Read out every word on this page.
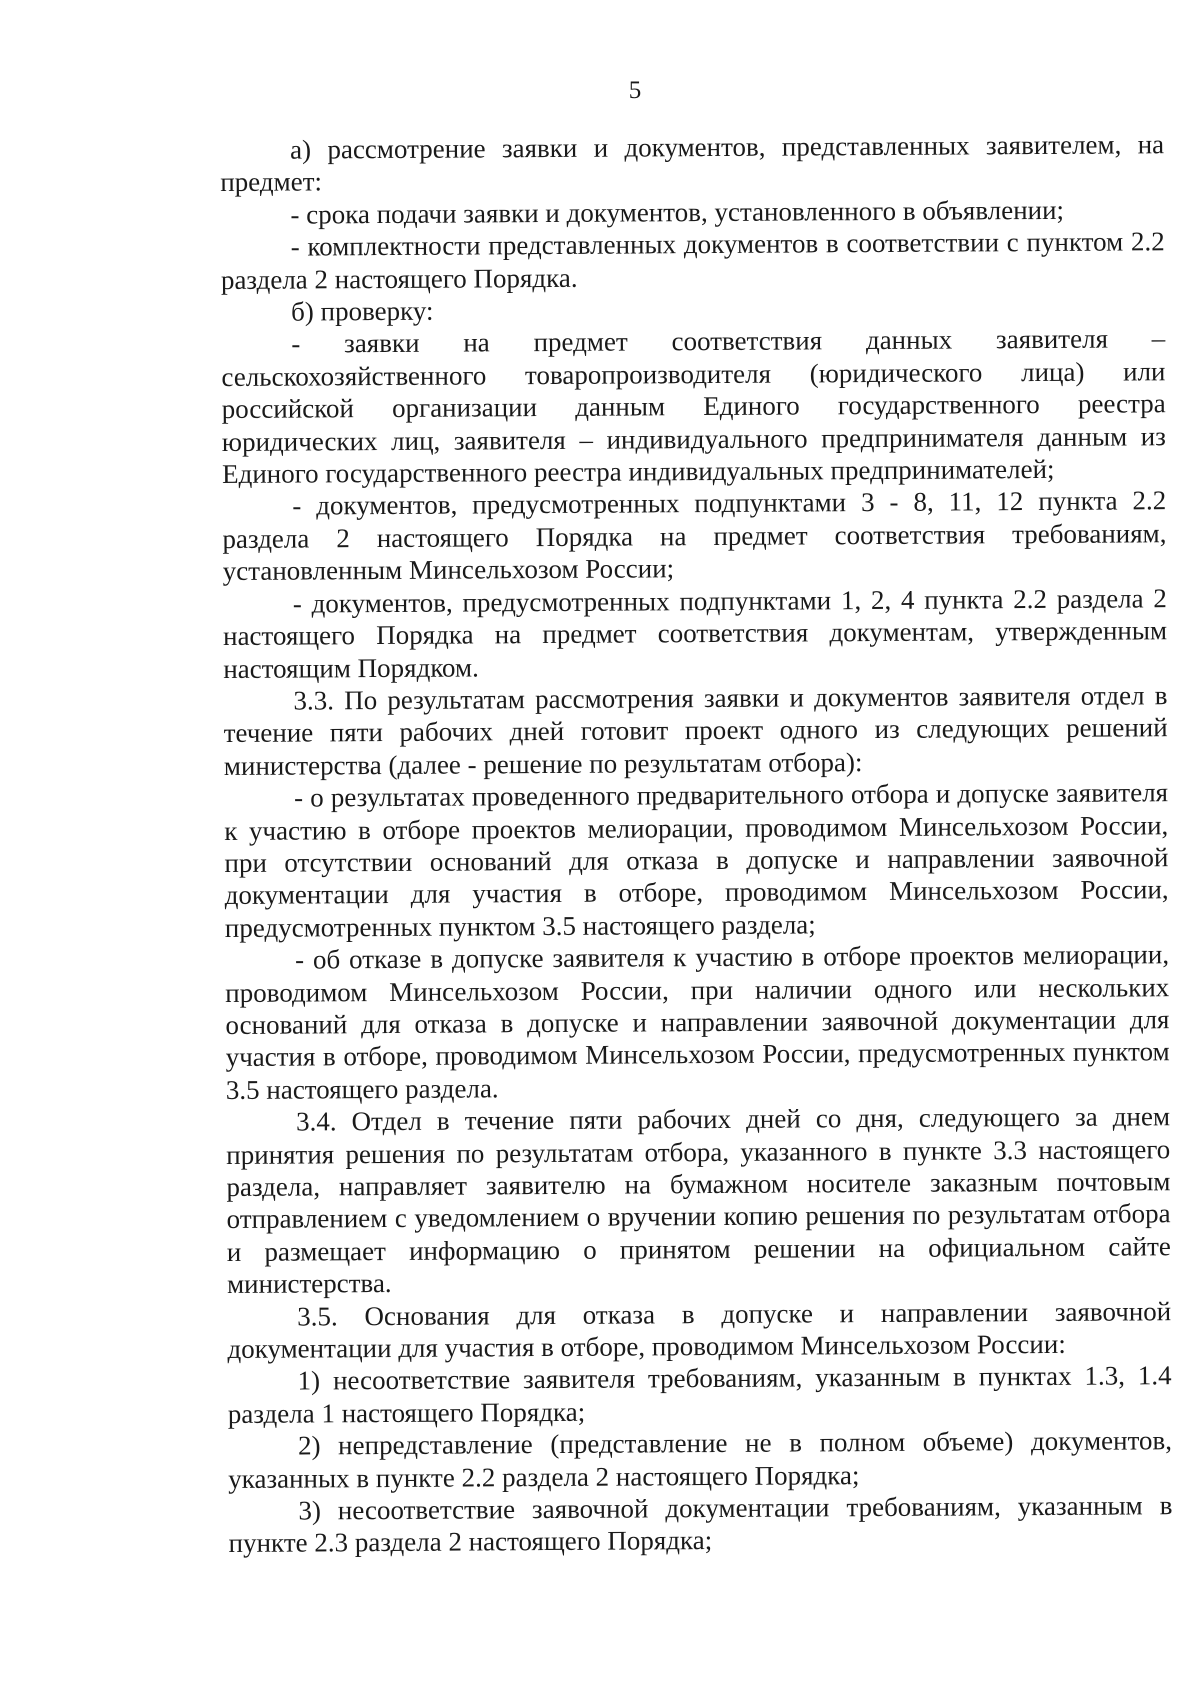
5

а) рассмотрение заявки и документов, представленных заявителем, на предмет:

- срока подачи заявки и документов, установленного в объявлении;

- комплектности представленных документов в соответствии с пунктом 2.2 раздела 2 настоящего Порядка.

б) проверку:

- заявки на предмет соответствия данных заявителя – сельскохозяйственного товаропроизводителя (юридического лица) или российской организации данным Единого государственного реестра юридических лиц, заявителя – индивидуального предпринимателя данным из Единого государственного реестра индивидуальных предпринимателей;

- документов, предусмотренных подпунктами 3 - 8, 11, 12 пункта 2.2 раздела 2 настоящего Порядка на предмет соответствия требованиям, установленным Минсельхозом России;

- документов, предусмотренных подпунктами 1, 2, 4 пункта 2.2 раздела 2 настоящего Порядка на предмет соответствия документам, утвержденным настоящим Порядком.

3.3. По результатам рассмотрения заявки и документов заявителя отдел в течение пяти рабочих дней готовит проект одного из следующих решений министерства (далее - решение по результатам отбора):

- о результатах проведенного предварительного отбора и допуске заявителя к участию в отборе проектов мелиорации, проводимом Минсельхозом России, при отсутствии оснований для отказа в допуске и направлении заявочной документации для участия в отборе, проводимом Минсельхозом России, предусмотренных пунктом 3.5 настоящего раздела;

- об отказе в допуске заявителя к участию в отборе проектов мелиорации, проводимом Минсельхозом России, при наличии одного или нескольких оснований для отказа в допуске и направлении заявочной документации для участия в отборе, проводимом Минсельхозом России, предусмотренных пунктом 3.5 настоящего раздела.

3.4. Отдел в течение пяти рабочих дней со дня, следующего за днем принятия решения по результатам отбора, указанного в пункте 3.3 настоящего раздела, направляет заявителю на бумажном носителе заказным почтовым отправлением с уведомлением о вручении копию решения по результатам отбора и размещает информацию о принятом решении на официальном сайте министерства.

3.5. Основания для отказа в допуске и направлении заявочной документации для участия в отборе, проводимом Минсельхозом России:

1) несоответствие заявителя требованиям, указанным в пунктах 1.3, 1.4 раздела 1 настоящего Порядка;

2) непредставление (представление не в полном объеме) документов, указанных в пункте 2.2 раздела 2 настоящего Порядка;

3) несоответствие заявочной документации требованиям, указанным в пункте 2.3 раздела 2 настоящего Порядка;
